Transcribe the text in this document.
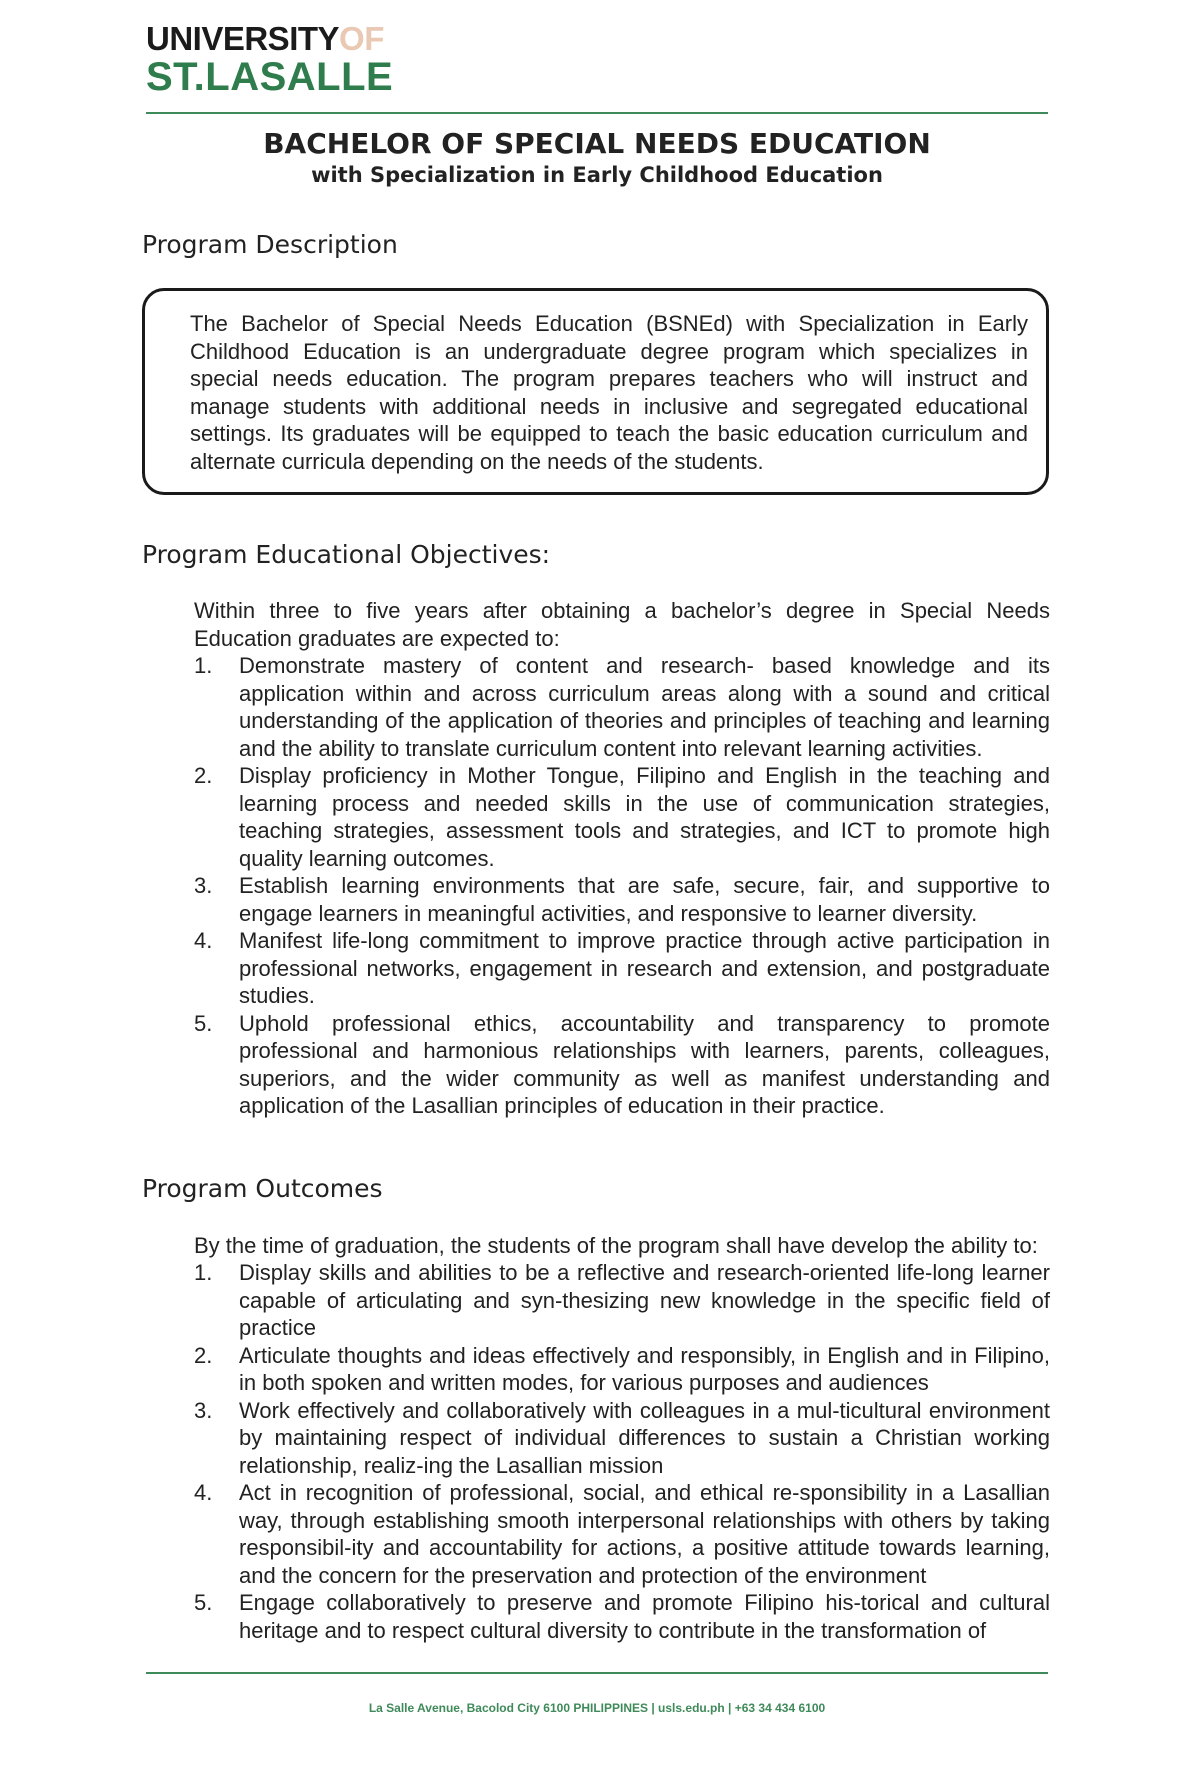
UNIVERSITYOF
ST.LASALLE
BACHELOR OF SPECIAL NEEDS EDUCATION
with Specialization in Early Childhood Education
Program Description
The Bachelor of Special Needs Education (BSNEd) with Specialization in Early Childhood Education is an undergraduate degree program which specializes in special needs education. The program prepares teachers who will instruct and manage students with additional needs in inclusive and segregated educational settings. Its graduates will be equipped to teach the basic education curriculum and alternate curricula depending on the needs of the students.
Program Educational Objectives:
Within three to five years after obtaining a bachelor’s degree in Special Needs Education graduates are expected to:
1. Demonstrate mastery of content and research- based knowledge and its application within and across curriculum areas along with a sound and critical understanding of the application of theories and principles of teaching and learning and the ability to translate curriculum content into relevant learning activities.
2. Display proficiency in Mother Tongue, Filipino and English in the teaching and learning process and needed skills in the use of communication strategies, teaching strategies, assessment tools and strategies, and ICT to promote high quality learning outcomes.
3. Establish learning environments that are safe, secure, fair, and supportive to engage learners in meaningful activities, and responsive to learner diversity.
4. Manifest life-long commitment to improve practice through active participation in professional networks, engagement in research and extension, and postgraduate studies.
5. Uphold professional ethics, accountability and transparency to promote professional and harmonious relationships with learners, parents, colleagues, superiors, and the wider community as well as manifest understanding and application of the Lasallian principles of education in their practice.
Program Outcomes
By the time of graduation, the students of the program shall have develop the ability to:
1. Display skills and abilities to be a reflective and research-oriented life-long learner capable of articulating and syn-thesizing new knowledge in the specific field of practice
2. Articulate thoughts and ideas effectively and responsibly, in English and in Filipino, in both spoken and written modes, for various purposes and audiences
3. Work effectively and collaboratively with colleagues in a mul-ticultural environment by maintaining respect of individual differences to sustain a Christian working relationship, realiz-ing the Lasallian mission
4. Act in recognition of professional, social, and ethical re-sponsibility in a Lasallian way, through establishing smooth interpersonal relationships with others by taking responsibil-ity and accountability for actions, a positive attitude towards learning, and the concern for the preservation and protection of the environment
5. Engage collaboratively to preserve and promote Filipino his-torical and cultural heritage and to respect cultural diversity to contribute in the transformation of
La Salle Avenue, Bacolod City 6100 PHILIPPINES | usls.edu.ph | +63 34 434 6100
